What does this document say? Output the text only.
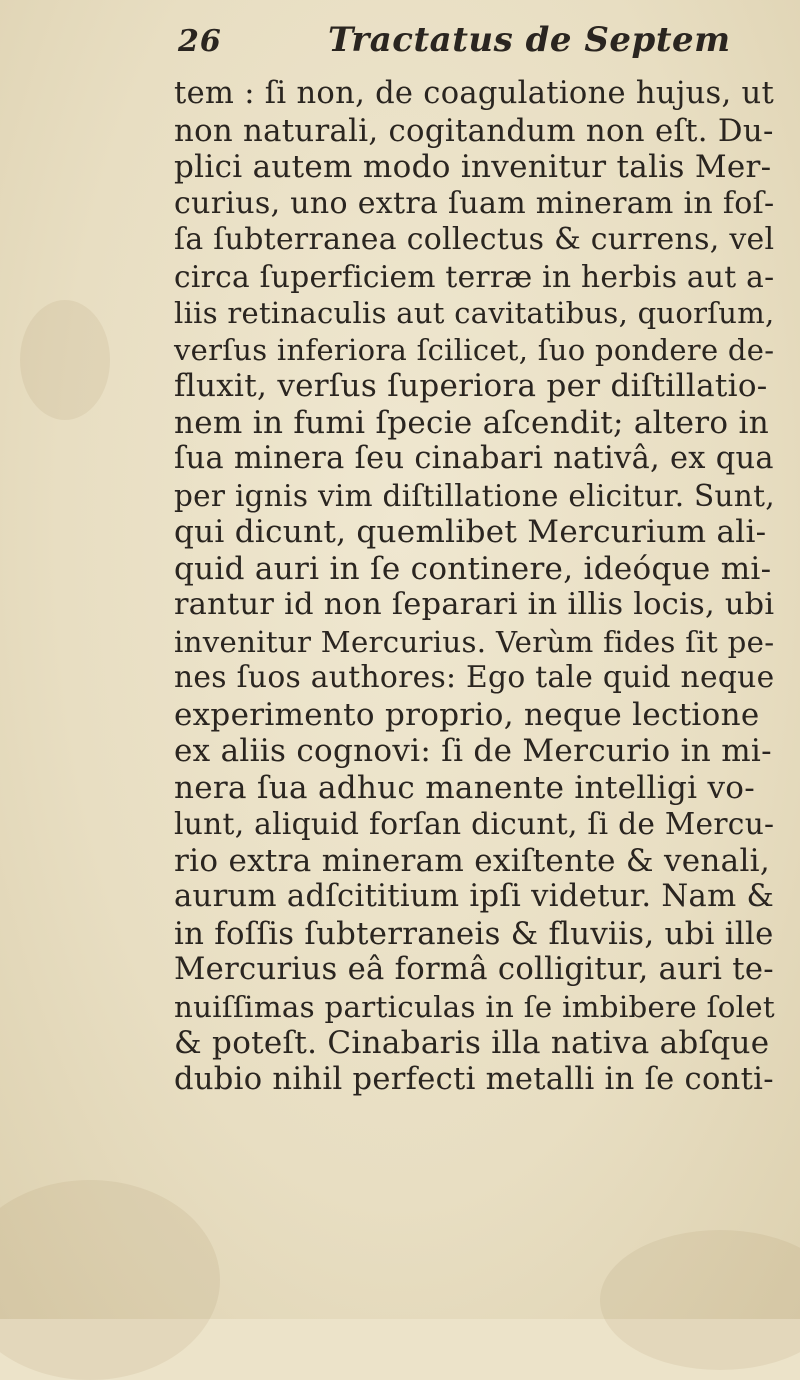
26	Tractatus de Septem
tem : ſi non, de coagulatione hujus, ut
non naturali, cogitandum non eſt. Du-
plici autem modo invenitur talis Mer-
curius, uno extra ſuam mineram in foſ-
ſa ſubterranea collectus & currens, vel
circa ſuperficiem terræ in herbis aut a-
liis retinaculis aut cavitatibus, quorſum,
verſus inferiora ſcilicet, ſuo pondere de-
fluxit, verſus ſuperiora per diſtillatio-
nem in fumi ſpecie aſcendit; altero in
ſua minera ſeu cinabari nativâ, ex qua
per ignis vim diſtillatione elicitur. Sunt,
qui dicunt, quemlibet Mercurium ali-
quid auri in ſe continere, ideóque mi-
rantur id non ſeparari in illis locis, ubi
invenitur Mercurius. Verùm fides ſit pe-
nes ſuos authores: Ego tale quid neque
experimento proprio, neque lectione
ex aliis cognovi: ſi de Mercurio in mi-
nera ſua adhuc manente intelligi vo-
lunt, aliquid forſan dicunt, ſi de Mercu-
rio extra mineram exiſtente & venali,
aurum adſcititium ipſi videtur. Nam &
in foſſis ſubterraneis & fluviis, ubi ille
Mercurius eâ formâ colligitur, auri te-
nuiſſimas particulas in ſe imbibere ſolet
& poteſt. Cinabaris illa nativa abſque
dubio nihil perfecti metalli in ſe conti-
